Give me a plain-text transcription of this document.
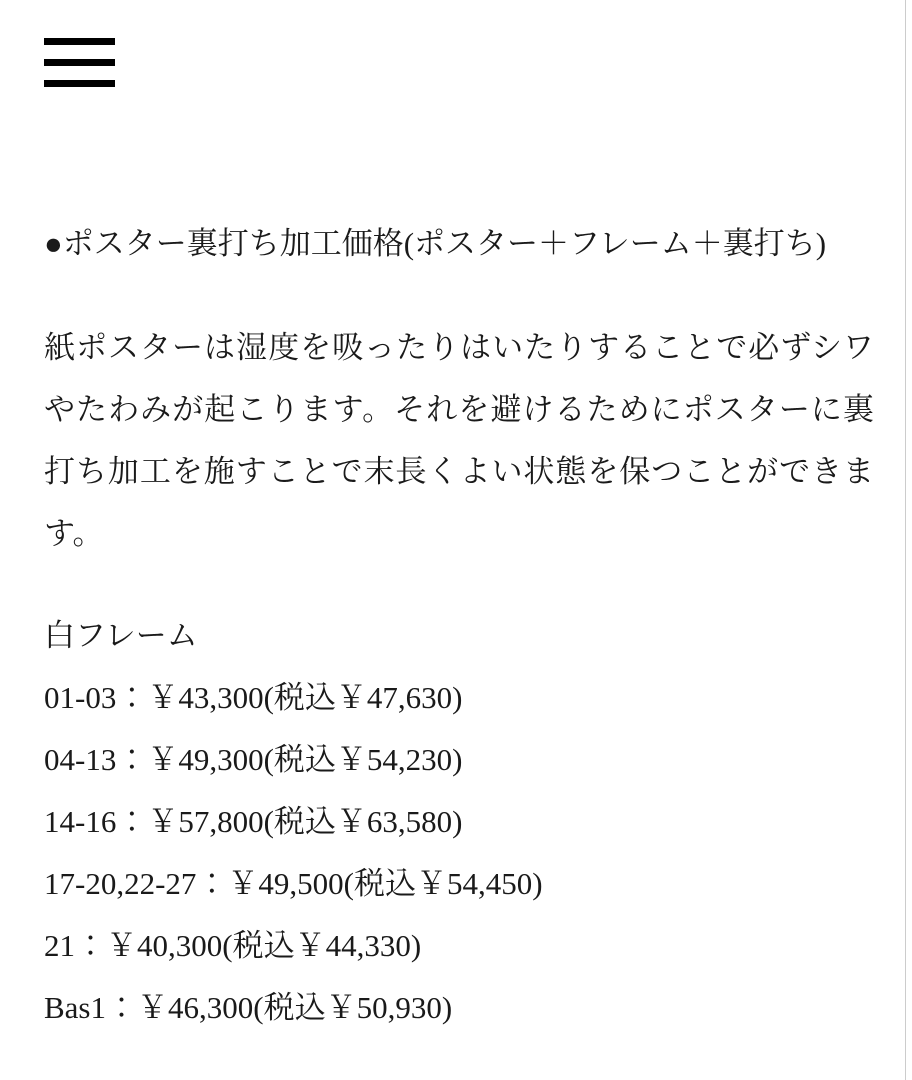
●ポスター裏打ち加工価格(ポスター＋フレーム＋裏打ち)

紙ポスターは湿度を吸ったりはいたりすることで必ずシワやたわみが起こります。それを避けるためにポスターに裏打ち加工を施すことで末長くよい状態を保つことができます。

白フレーム

01-03：￥43,300(税込￥47,630)

04-13：￥49,300(税込￥54,230)

14-16：￥57,800(税込￥63,580)

17-20,22-27：￥49,500(税込￥54,450)

21：￥40,300(税込￥44,330)

Bas1：￥46,300(税込￥50,930)
